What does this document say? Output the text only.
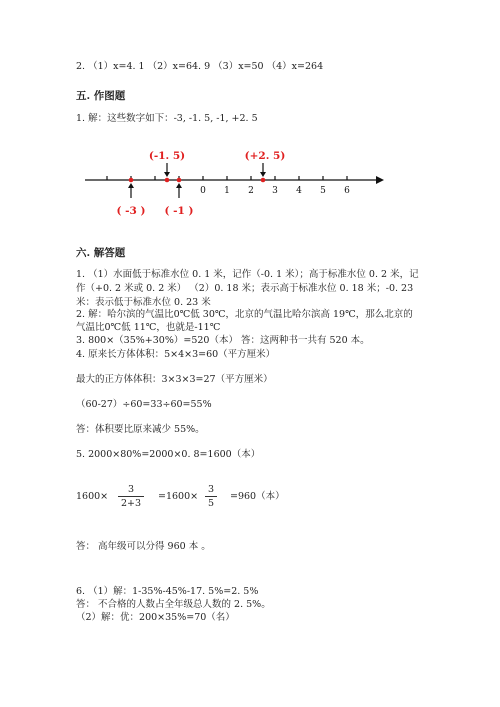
2. （1）x=4. 1 （2）x=64. 9 （3）x=50 （4）x=264
五. 作图题
1. 解：这些数字如下：-3, -1. 5, -1, +2. 5
0 1 2 3 4 5 6
(-1. 5)	(+2. 5)
( -3 ) ( -1 )
六. 解答题
1. （1）水面低于标准水位 0. 1 米，记作（-0. 1 米）；高于标准水位 0. 2 米，记
作（+0. 2 米或 0. 2 米） （2）0. 18 米；表示高于标准水位 0. 18 米；-0. 23
米：表示低于标准水位 0. 23 米
2. 解：哈尔滨的气温比0℃低 30℃，北京的气温比哈尔滨高 19℃，那么北京的
气温比0℃低 11℃，也就是-11℃
3. 800×（35%+30%）=520（本） 答：这两种书一共有 520 本。
4. 原来长方体体积：5×4×3=60（平方厘米）
最大的正方体体积：3×3×3=27（平方厘米）
（60-27）÷60=33÷60=55%
答：体积要比原来减少 55%。
5. 2000×80%=2000×0. 8=1600（本）
1600×
3
2+3
=1600×
3
5
=960（本）
答： 高年级可以分得 960 本 。
6. （1）解：1-35%-45%-17. 5%=2. 5%
答： 不合格的人数占全年级总人数的 2. 5%。
（2）解：优：200×35%=70（名）
